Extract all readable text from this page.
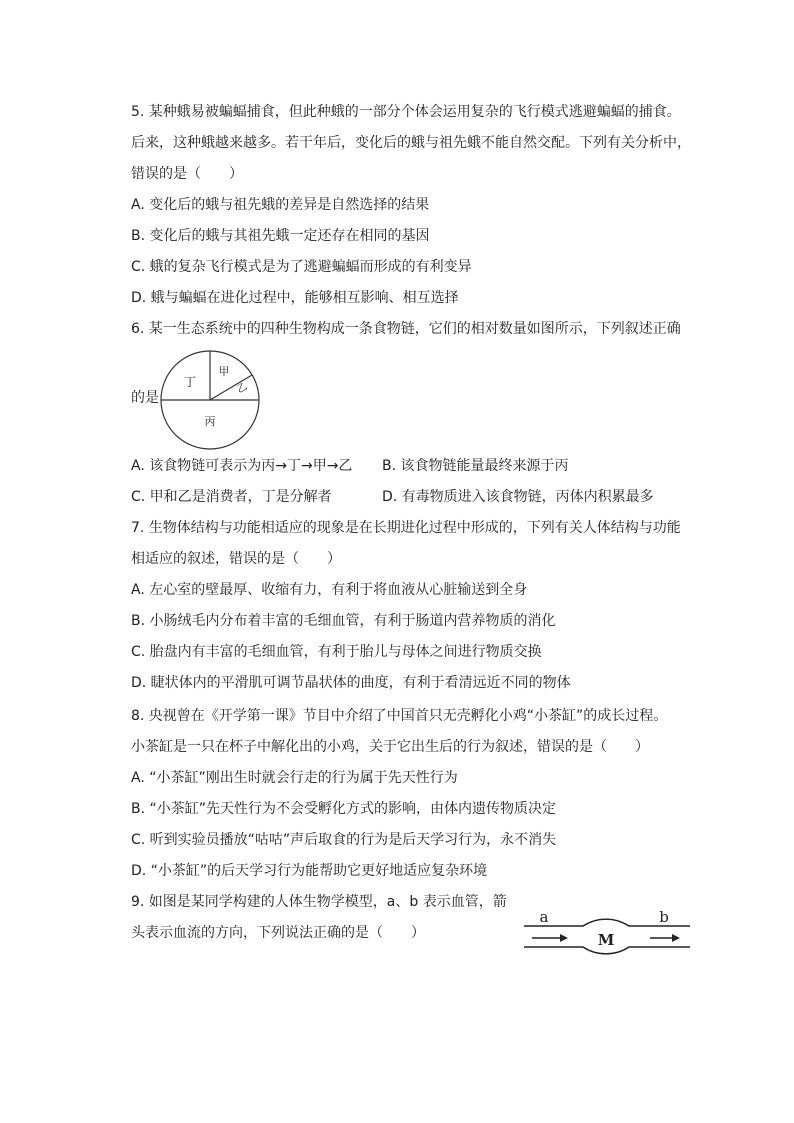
5. 某种蛾易被蝙蝠捕食，但此种蛾的一部分个体会运用复杂的飞行模式逃避蝙蝠的捕食。
后来，这种蛾越来越多。若干年后，变化后的蛾与祖先蛾不能自然交配。下列有关分析中，
错误的是（　　）
A. 变化后的蛾与祖先蛾的差异是自然选择的结果
B. 变化后的蛾与其祖先蛾一定还存在相同的基因
C. 蛾的复杂飞行模式是为了逃避蝙蝠而形成的有利变异
D. 蛾与蝙蝠在进化过程中，能够相互影响、相互选择
6. 某一生态系统中的四种生物构成一条食物链，它们的相对数量如图所示，下列叙述正确
的是
丁
甲
乙
丙
A. 该食物链可表示为丙→丁→甲→乙 B. 该食物链能量最终来源于丙
C. 甲和乙是消费者，丁是分解者	D. 有毒物质进入该食物链，丙体内积累最多
7. 生物体结构与功能相适应的现象是在长期进化过程中形成的，下列有关人体结构与功能
相适应的叙述，错误的是（　　）
A. 左心室的壁最厚、收缩有力，有利于将血液从心脏输送到全身
B. 小肠绒毛内分布着丰富的毛细血管，有利于肠道内营养物质的消化
C. 胎盘内有丰富的毛细血管，有利于胎儿与母体之间进行物质交换
D. 睫状体内的平滑肌可调节晶状体的曲度，有利于看清远近不同的物体
8. 央视曾在《开学第一课》节目中介绍了中国首只无壳孵化小鸡“小茶缸”的成长过程。
小茶缸是一只在杯子中解化出的小鸡，关于它出生后的行为叙述，错误的是（　　）
A. “小茶缸”刚出生时就会行走的行为属于先天性行为
B. “小茶缸”先天性行为不会受孵化方式的影响，由体内遗传物质决定
C. 听到实验员播放“咕咕”声后取食的行为是后天学习行为，永不消失
D. “小茶缸”的后天学习行为能帮助它更好地适应复杂环境
9. 如图是某同学构建的人体生物学模型，a、b 表示血管，箭
头表示血流的方向，下列说法正确的是（　　）
a	b
M
